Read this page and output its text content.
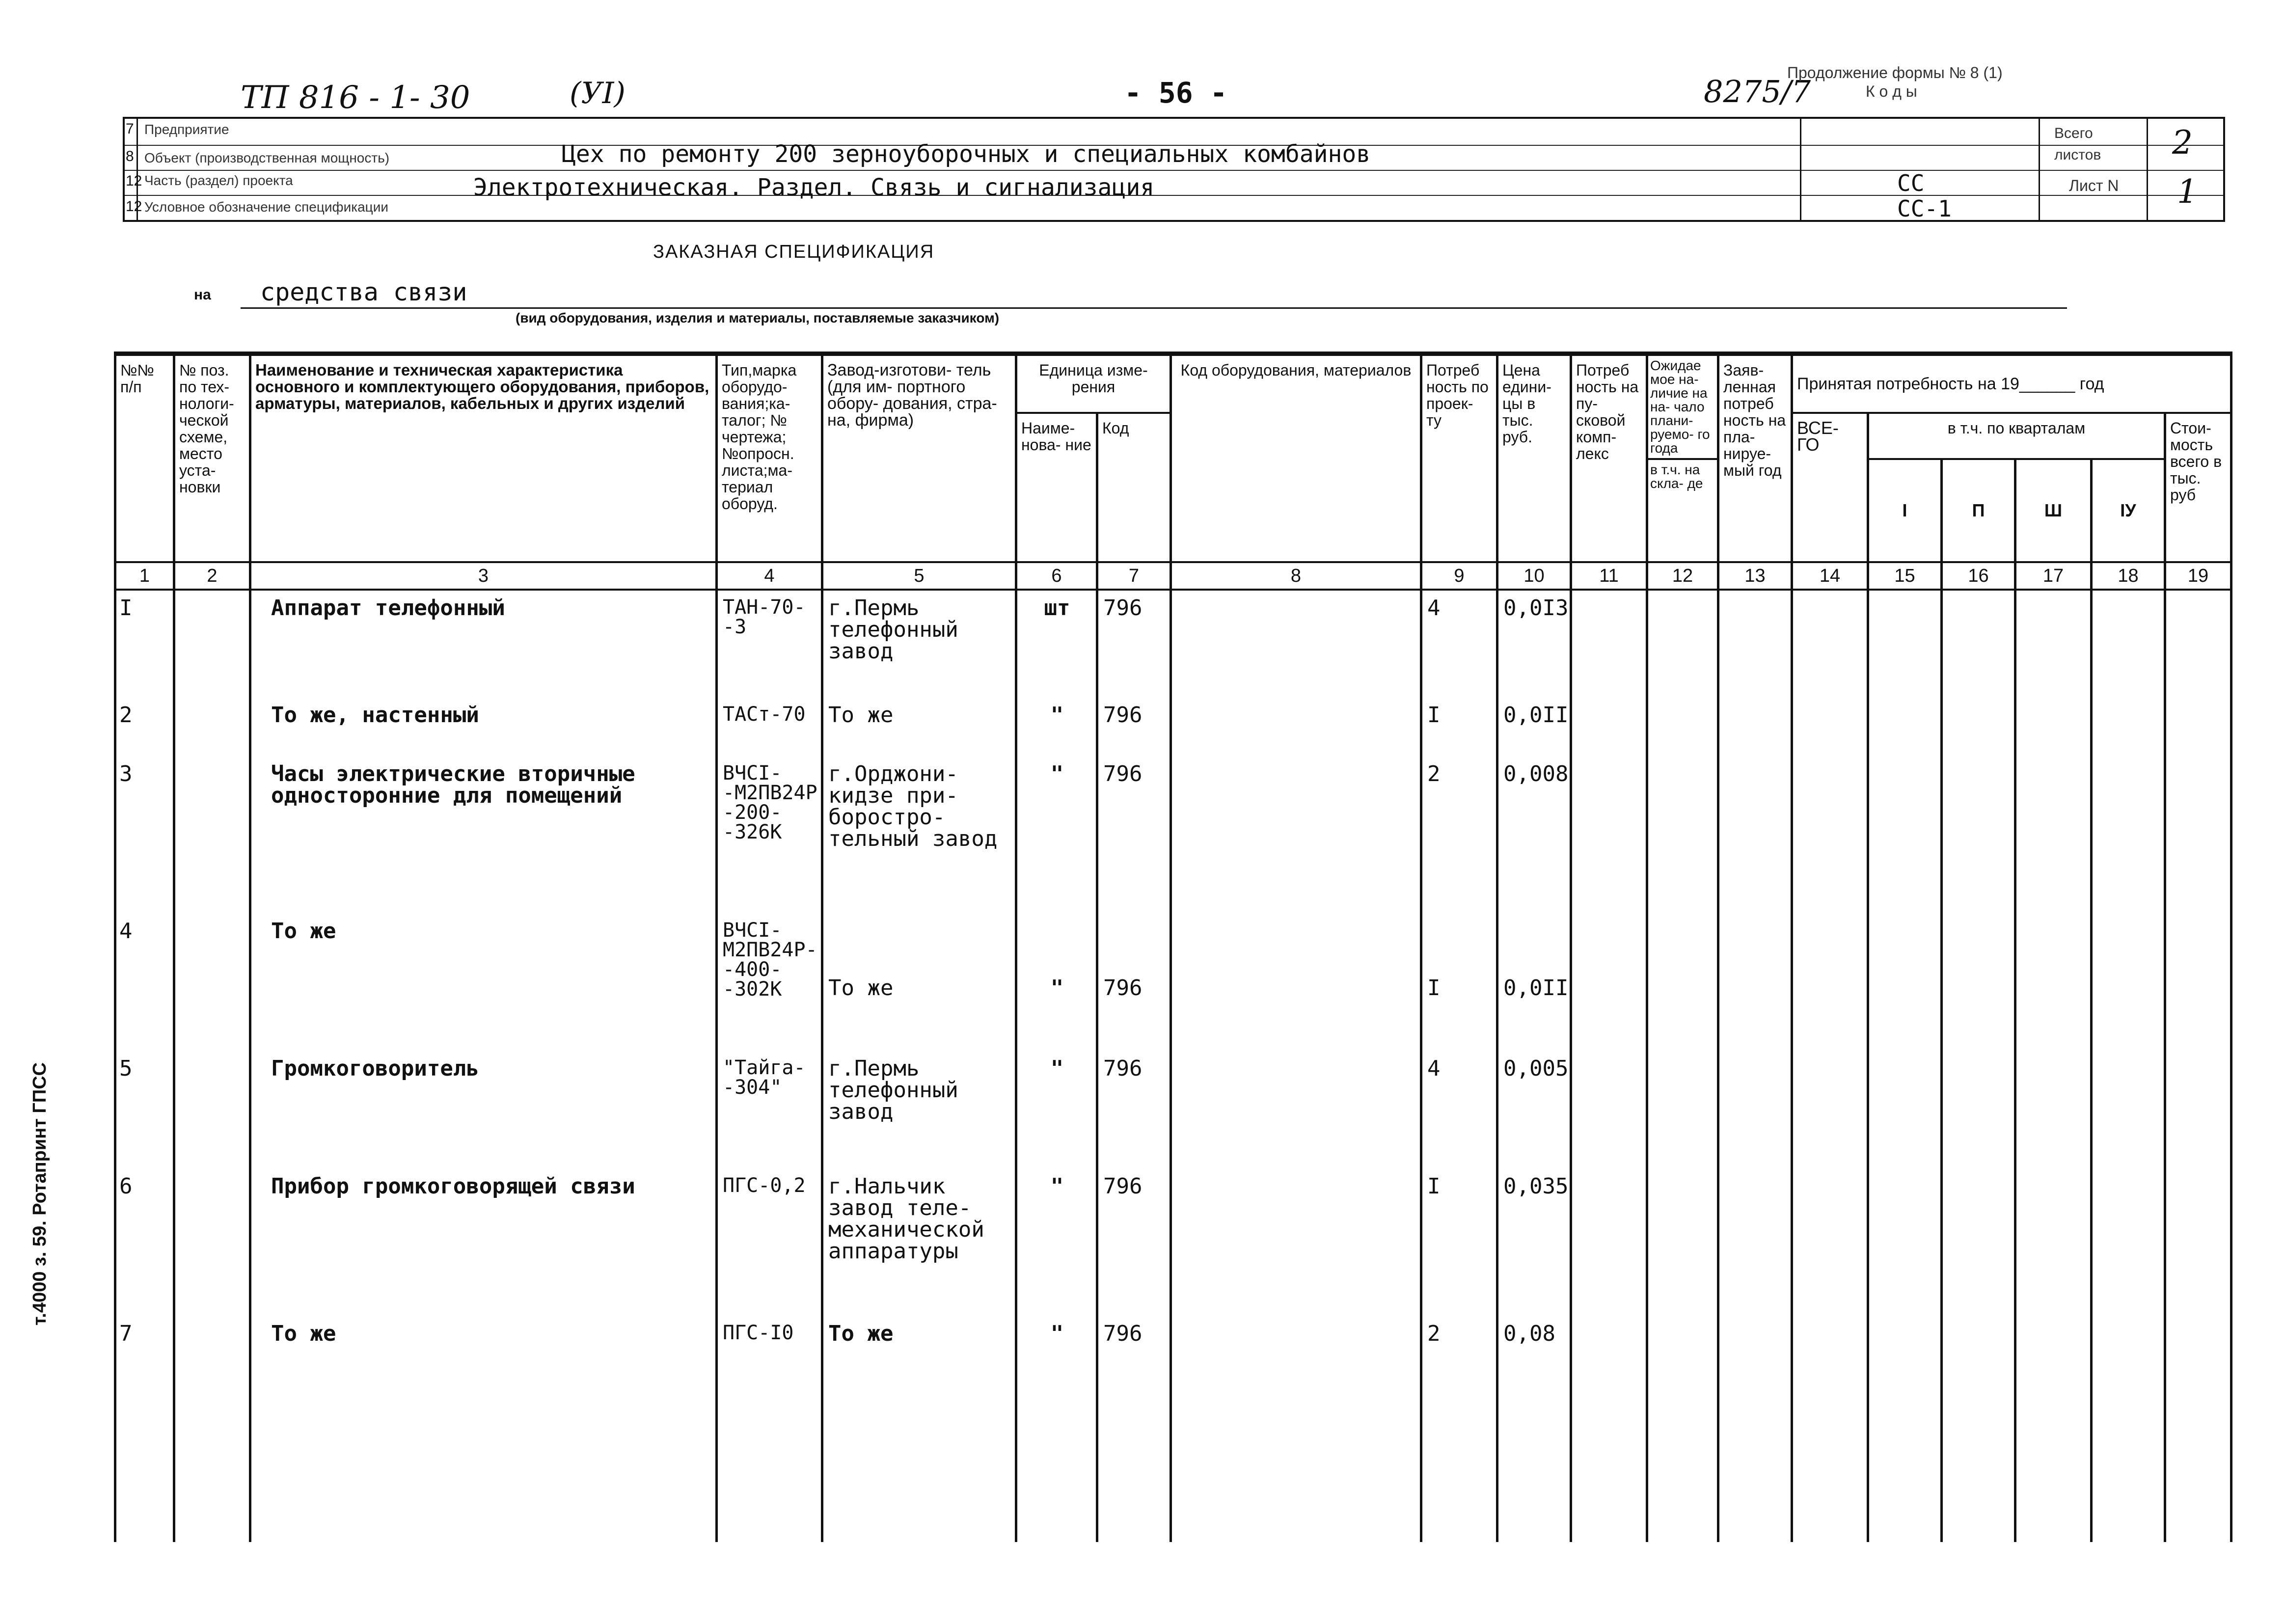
ТП 816 - 1- 30	(УI)	- 56 -	8275/7
Продолжение формы № 8 (1)
К о д ы
7 Предприятие
8 Объект (производственная мощность)	Цех по ремонту 200 зерноуборочных и специальных комбайнов
12 Часть (раздел) проекта	Электротехническая. Раздел. Связь и сигнализация
12 Условное обозначение спецификации
СС
СС-1
Всего листов	2
Лист N 1
ЗАКАЗНАЯ СПЕЦИФИКАЦИЯ
на средства связи
(вид оборудования, изделия и материалы, поставляемые заказчиком)
т.4000 з. 59. Ротапринт ГПСС
№№ п/п	№ поз. по тех- нологи- ческой схеме, место уста- новки	Наименование и техническая характеристика основного и комплектующего оборудования, приборов, арматуры, материалов, кабельных и других изделий	Тип,марка оборудо- вания;ка- талог; № чертежа; №опросн. листа;ма- териал оборуд.	Завод-изготови- тель (для им- портного обору- дования, стра- на, фирма)	Единица изме- рения		Код оборудования, материалов	Потреб ность по проек- ту	Цена едини- цы в тыс. руб.	Потреб ность на пу- сковой комп- лекс	Ожидае мое на- личие на на- чало плани- руемо- го года	Заяв- ленная потреб ность на пла- нируе- мый год	Принятая потребность на 19______ год					
					Наиме- нова- ние	Код							ВСЕ- ГО	в т.ч. по кварталам				Стои- мость всего в тыс. руб
											в т.ч. на скла- де			I	П	Ш	IУ	
1	2	3	4	5	6	7	8	9	10	11	12	13	14	15	16	17	18	19
I		Аппарат телефонный	ТАН-70- -3	г.Пермь телефонный завод	шт	796		4	0,0I3									
2		То же, настенный	ТАСт-70	То же	"	796		I	0,0II									
3		Часы электрические вторичные односторонние для помещений	ВЧСI- -М2ПВ24Р -200- -326К	г.Орджони- кидзе при- боростро- тельный завод	"	796		2	0,008									
4		То же	ВЧСI- М2ПВ24Р- -400- -302К	То же	"	796		I	0,0II									
5		Громкоговоритель	"Тайга- -304"	г.Пермь телефонный завод	"	796		4	0,005									
6		Прибор громкоговорящей связи	ПГС-0,2	г.Нальчик завод теле- механической аппаратуры	"	796		I	0,035									
7		То же	ПГС-I0	То же	"	796		2	0,08									
